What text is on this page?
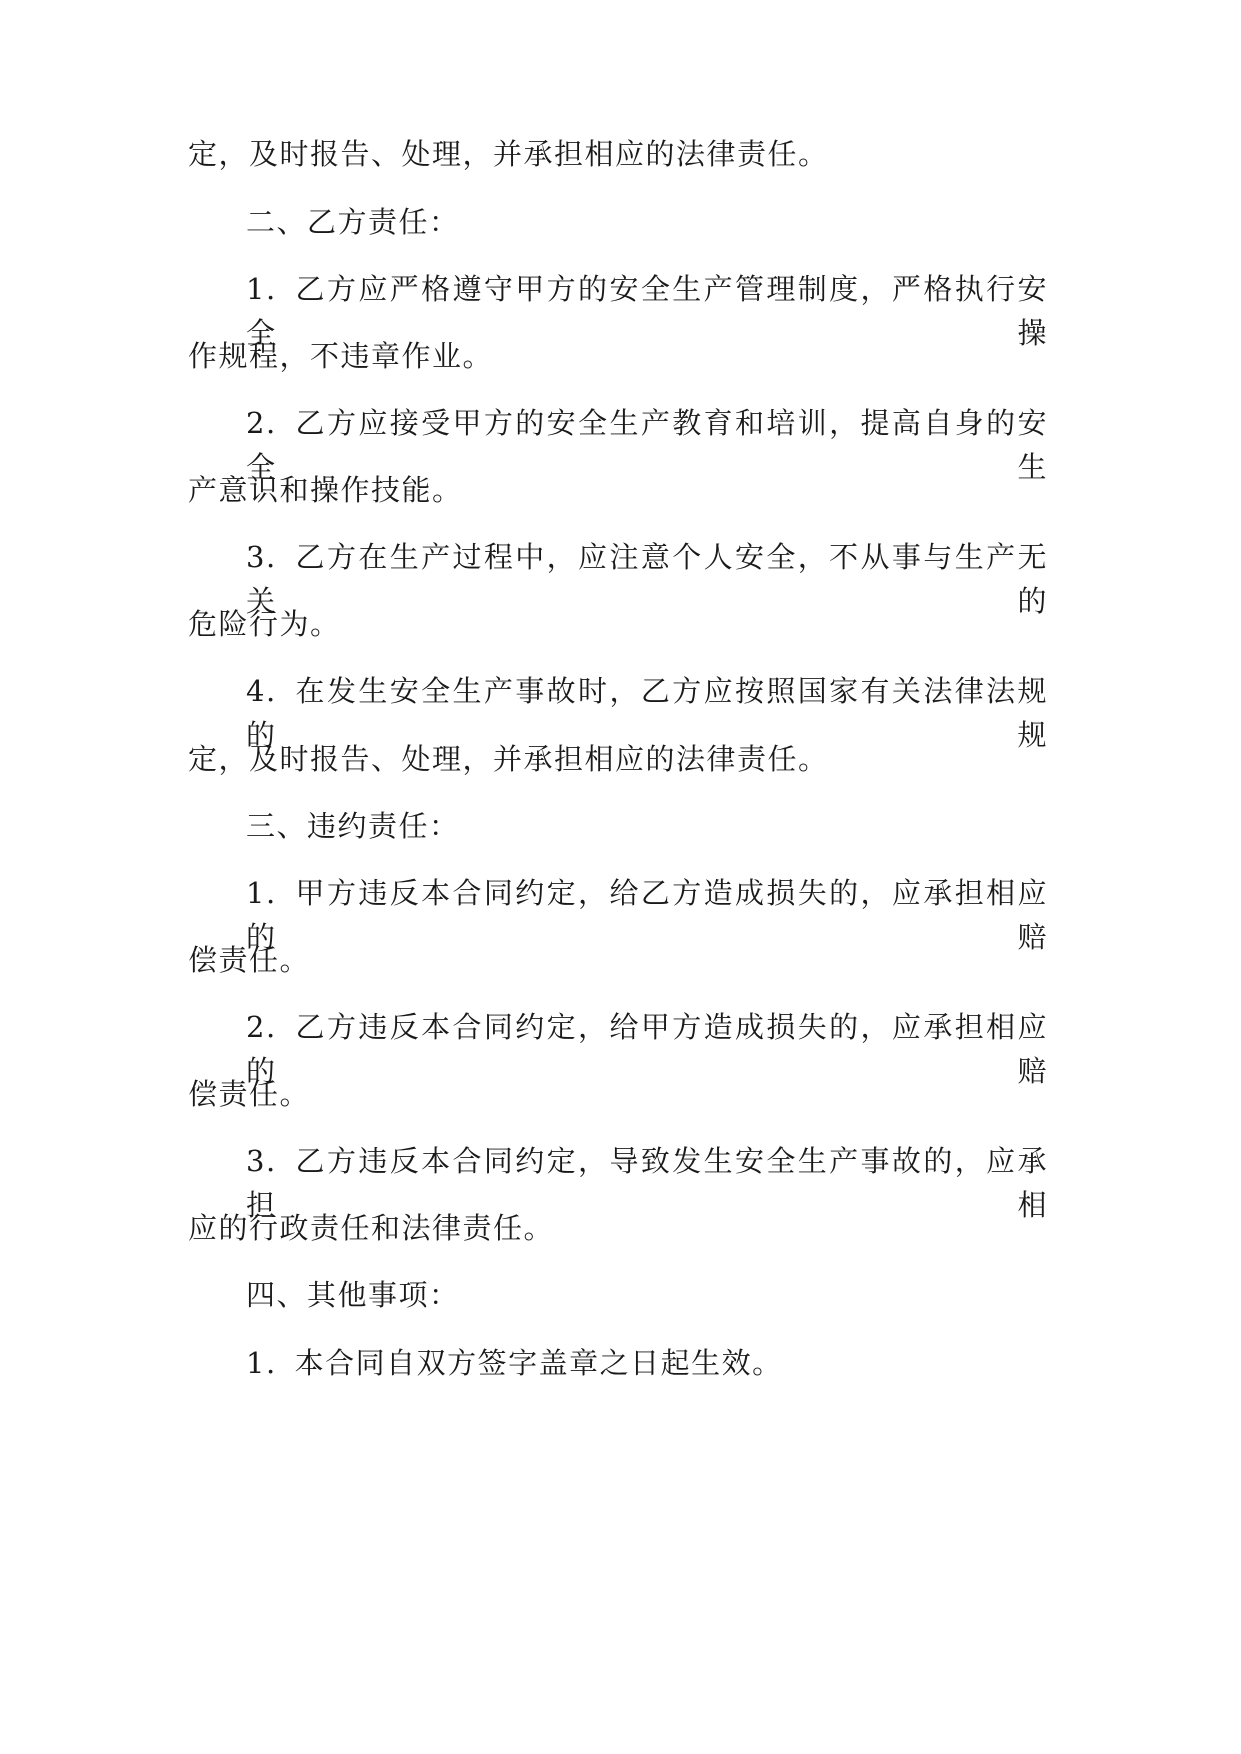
定，及时报告、处理，并承担相应的法律责任。
二、乙方责任：
1. 乙方应严格遵守甲方的安全生产管理制度，严格执行安全操
作规程，不违章作业。
2. 乙方应接受甲方的安全生产教育和培训，提高自身的安全生
产意识和操作技能。
3. 乙方在生产过程中，应注意个人安全，不从事与生产无关的
危险行为。
4. 在发生安全生产事故时，乙方应按照国家有关法律法规的规
定，及时报告、处理，并承担相应的法律责任。
三、违约责任：
1. 甲方违反本合同约定，给乙方造成损失的，应承担相应的赔
偿责任。
2. 乙方违反本合同约定，给甲方造成损失的，应承担相应的赔
偿责任。
3. 乙方违反本合同约定，导致发生安全生产事故的，应承担相
应的行政责任和法律责任。
四、其他事项：
1. 本合同自双方签字盖章之日起生效。
